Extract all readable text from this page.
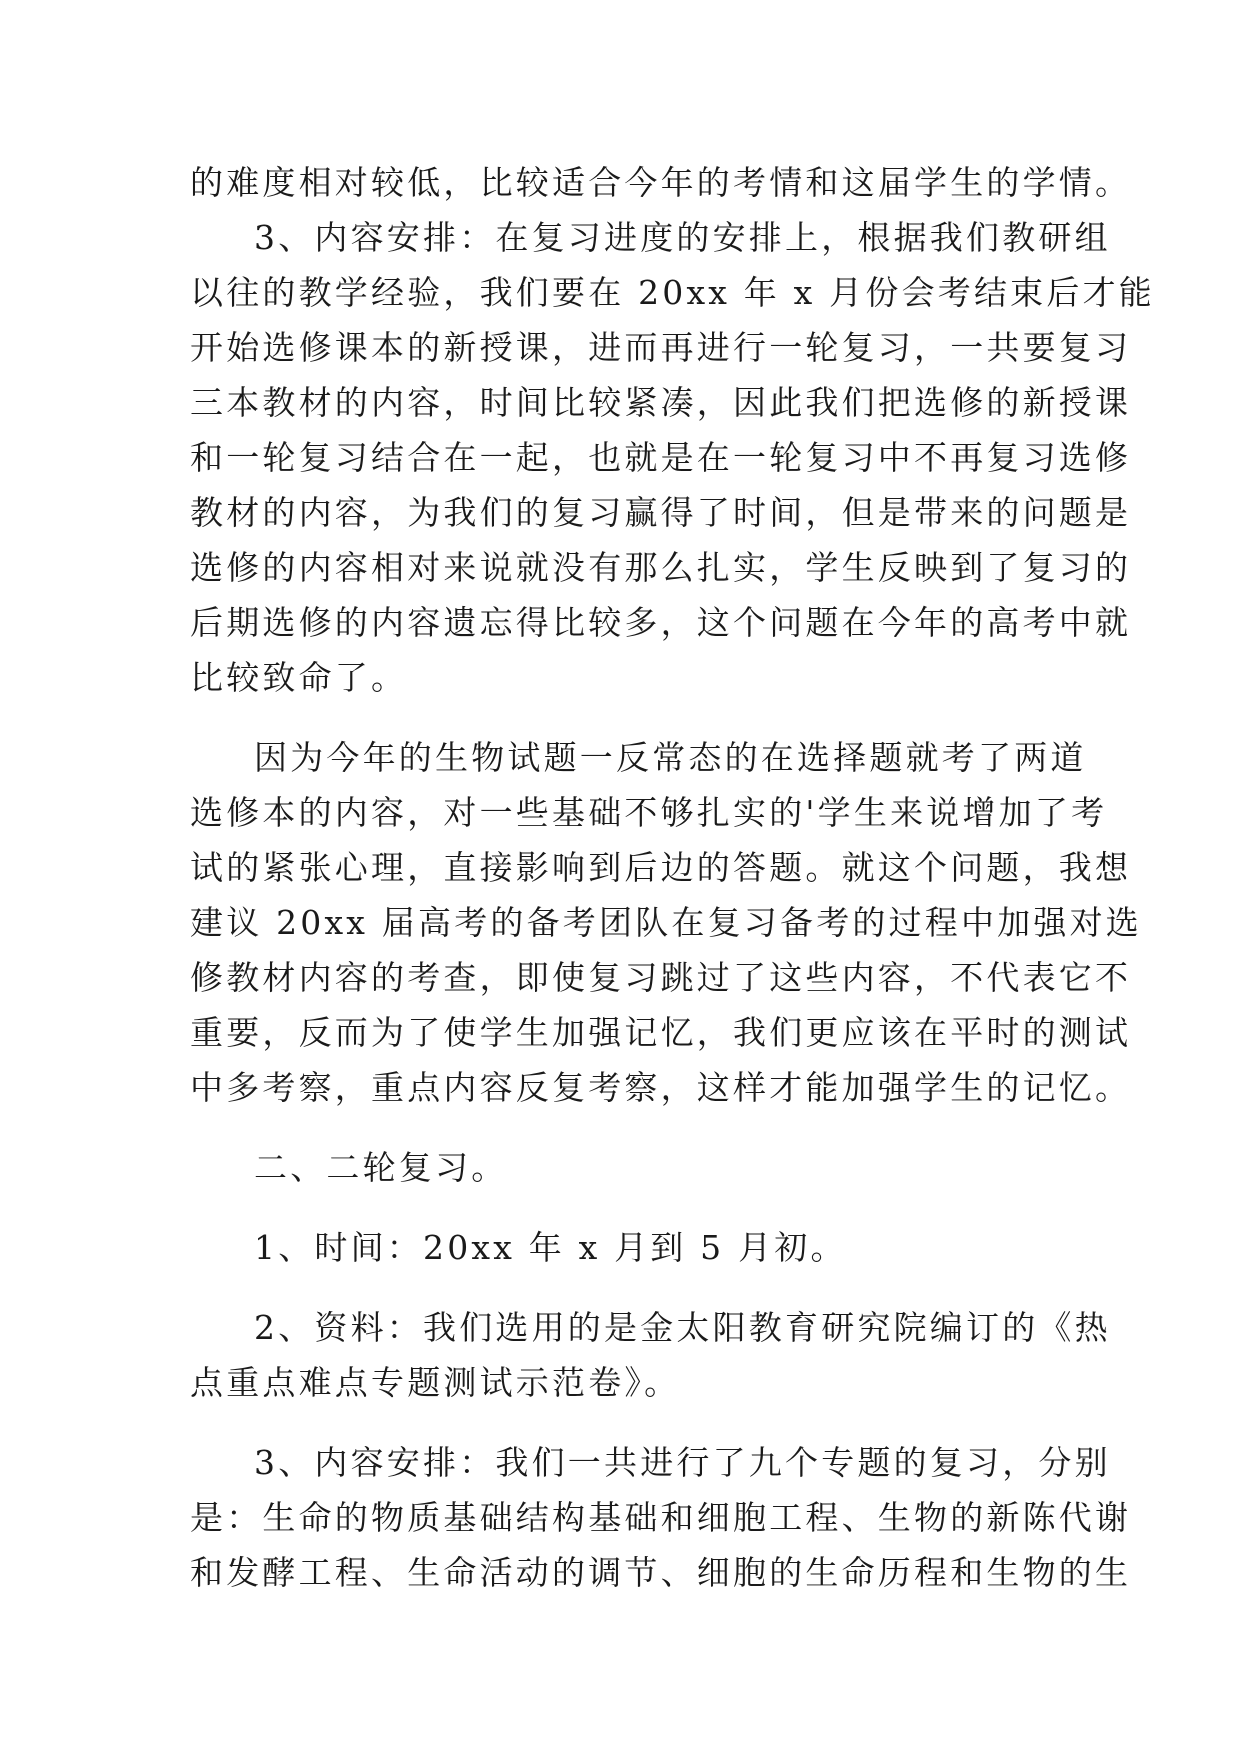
的难度相对较低，比较适合今年的考情和这届学生的学情。
3、内容安排：在复习进度的安排上，根据我们教研组
以往的教学经验，我们要在 20xx 年 x 月份会考结束后才能
开始选修课本的新授课，进而再进行一轮复习，一共要复习
三本教材的内容，时间比较紧凑，因此我们把选修的新授课
和一轮复习结合在一起，也就是在一轮复习中不再复习选修
教材的内容，为我们的复习赢得了时间，但是带来的问题是
选修的内容相对来说就没有那么扎实，学生反映到了复习的
后期选修的内容遗忘得比较多，这个问题在今年的高考中就
比较致命了。
因为今年的生物试题一反常态的在选择题就考了两道
选修本的内容，对一些基础不够扎实的'学生来说增加了考
试的紧张心理，直接影响到后边的答题。就这个问题，我想
建议 20xx 届高考的备考团队在复习备考的过程中加强对选
修教材内容的考查，即使复习跳过了这些内容，不代表它不
重要，反而为了使学生加强记忆，我们更应该在平时的测试
中多考察，重点内容反复考察，这样才能加强学生的记忆。
二、二轮复习。
1、时间：20xx 年 x 月到 5 月初。
2、资料：我们选用的是金太阳教育研究院编订的《热
点重点难点专题测试示范卷》。
3、内容安排：我们一共进行了九个专题的复习，分别
是：生命的物质基础结构基础和细胞工程、生物的新陈代谢
和发酵工程、生命活动的调节、细胞的生命历程和生物的生
